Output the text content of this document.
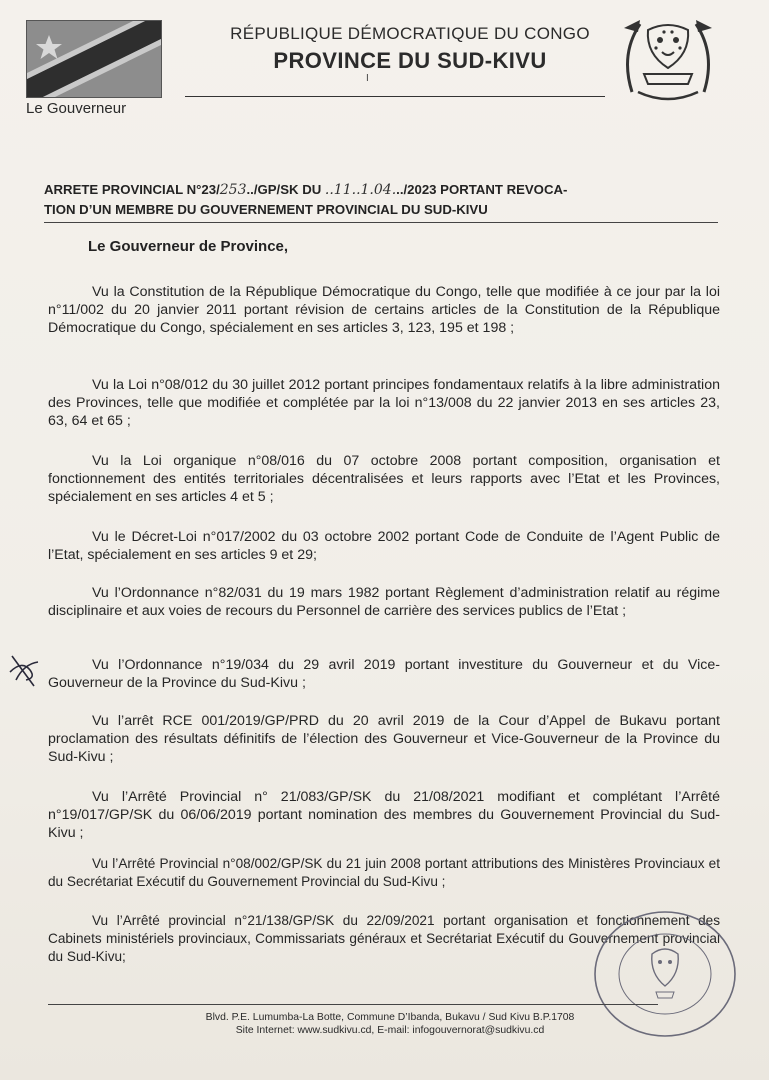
Le Gouverneur
RÉPUBLIQUE DÉMOCRATIQUE DU CONGO
PROVINCE DU SUD-KIVU
I
ARRETE PROVINCIAL N°23/253../GP/SK DU ..11..1.04.../2023 PORTANT REVOCA-
TION D’UN MEMBRE DU GOUVERNEMENT PROVINCIAL DU SUD-KIVU
Le Gouverneur de Province,
Vu la Constitution de la République Démocratique du Congo, telle que modifiée à ce jour par la loi n°11/002 du 20 janvier 2011 portant révision de certains articles de la Constitution de la République Démocratique du Congo, spécialement en ses articles 3, 123, 195 et 198 ;
Vu la Loi n°08/012 du 30 juillet 2012 portant principes fondamentaux relatifs à la libre administration des Provinces, telle que modifiée et complétée par la loi n°13/008 du 22 janvier 2013 en ses articles 23, 63, 64 et 65 ;
Vu la Loi organique n°08/016 du 07 octobre 2008 portant composition, organisation et fonctionnement des entités territoriales décentralisées et leurs rapports avec l’Etat et les Provinces, spécialement en ses articles 4 et 5 ;
Vu le Décret-Loi n°017/2002 du 03 octobre 2002 portant Code de Conduite de l’Agent Public de l’Etat, spécialement en ses articles 9 et 29;
Vu l’Ordonnance n°82/031 du 19 mars 1982 portant Règlement d’administration relatif au régime disciplinaire et aux voies de recours du Personnel de carrière des services publics de l’Etat ;
Vu l’Ordonnance n°19/034 du 29 avril 2019 portant investiture du Gouverneur et du Vice-Gouverneur de la Province du Sud-Kivu ;
Vu l’arrêt RCE 001/2019/GP/PRD du 20 avril 2019 de la Cour d’Appel de Bukavu portant proclamation des résultats définitifs de l’élection des Gouverneur et Vice-Gouverneur de la Province du Sud-Kivu ;
Vu l’Arrêté Provincial n° 21/083/GP/SK du 21/08/2021 modifiant et complétant l’Arrêté n°19/017/GP/SK du 06/06/2019 portant nomination des membres du Gouvernement Provincial du Sud-Kivu ;
Vu l’Arrêté Provincial n°08/002/GP/SK du 21 juin 2008 portant attributions des Ministères Provinciaux et du Secrétariat Exécutif du Gouvernement Provincial du Sud-Kivu ;
Vu l’Arrêté provincial n°21/138/GP/SK du 22/09/2021 portant organisation et fonctionnement des Cabinets ministériels provinciaux, Commissariats généraux et Secrétariat Exécutif du Gouvernement provincial du Sud-Kivu;
Blvd. P.E. Lumumba-La Botte, Commune D’Ibanda, Bukavu / Sud Kivu B.P.1708
Site Internet: www.sudkivu.cd, E-mail: infogouvernorat@sudkivu.cd
